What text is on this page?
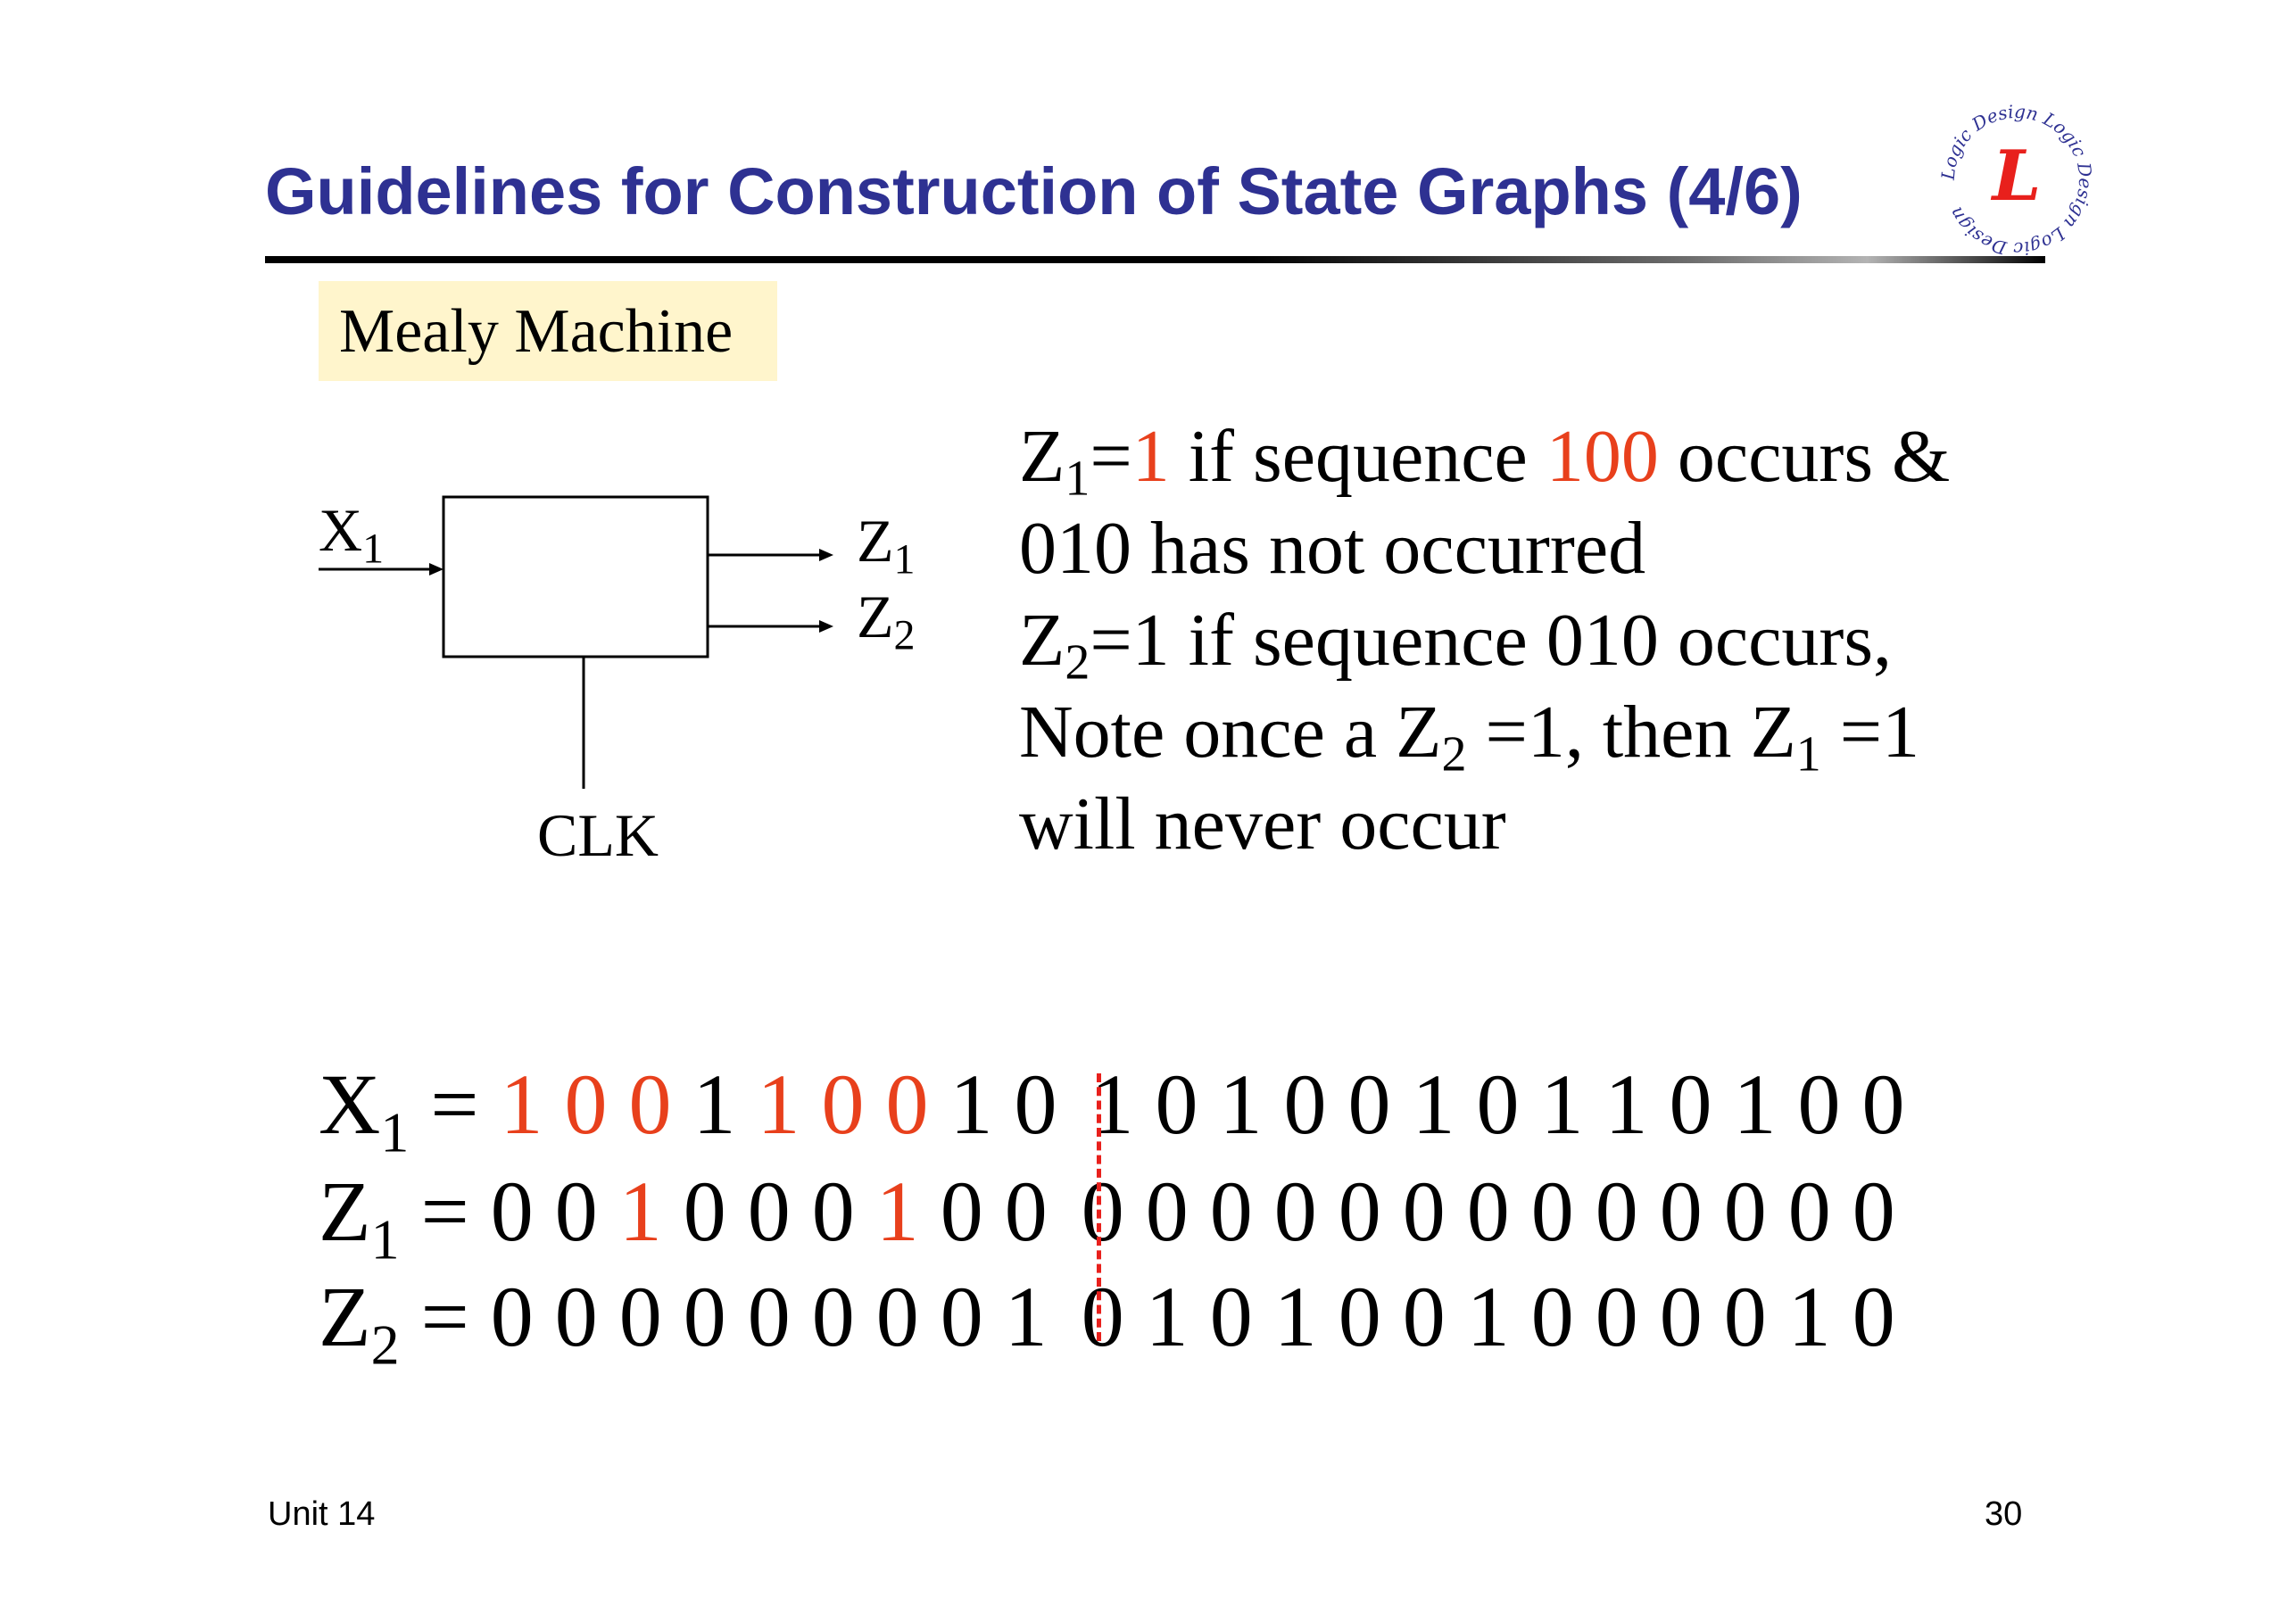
Guidelines for Construction of State Graphs (4/6)	Logic Design Logic Design Logic Design L
Mealy Machine
$X_1$	$Z_1$
$Z_2$
CLK
$Z_1=1$ if sequence 100 occurs &
010 has not occurred
$Z_2=1$ if sequence 010 occurs,
Note once a $Z_2 =1$, then $Z_1 =1$
will never occur
$X_1 = 1$ 0 0 1 1 0 0 1 0 1 0 1 0 0 1 0 1 1 0 1 0 0
$Z_1 = 0$ 0 1 0 0 0 1 0 0 0 0 0 0 0 0 0 0 0 0 0 0 0
$Z_2 = 0$ 0 0 0 0 0 0 0 1 0 1 0 1 0 0 1 0 0 0 0 1 0
Unit 14	30
